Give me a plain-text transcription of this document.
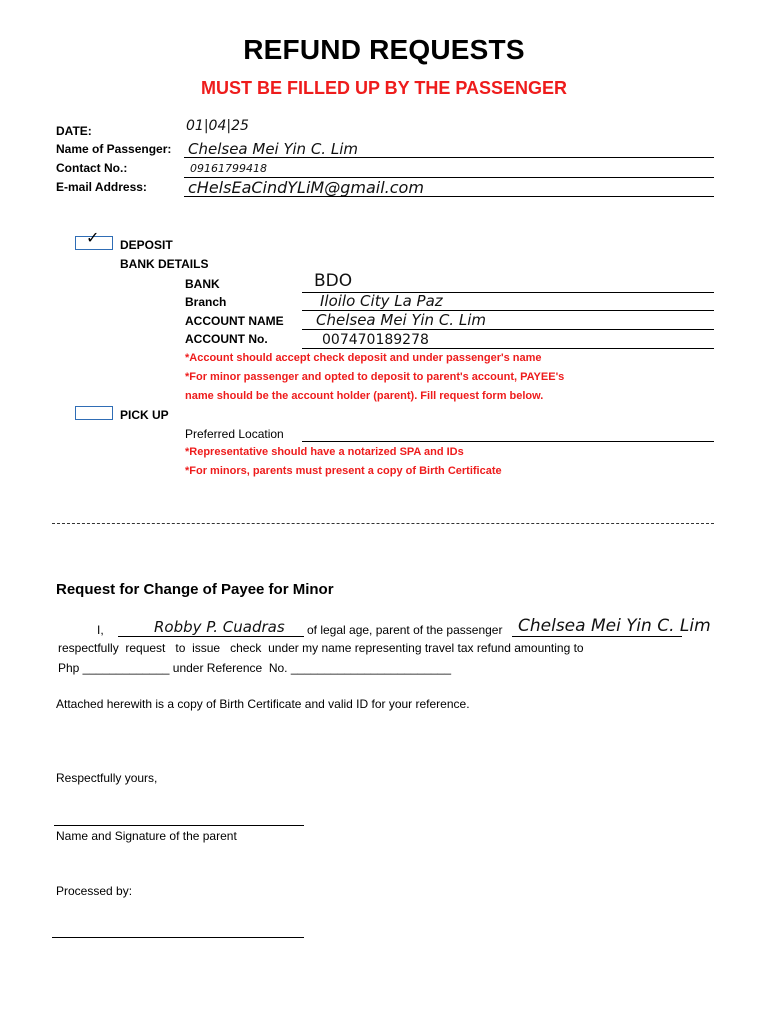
REFUND REQUESTS
MUST BE FILLED UP BY THE PASSENGER
DATE:	01|04|25
Name of Passenger: Chelsea Mei Yin C. Lim
Contact No.:	09161799418
E-mail Address:	cHelsEaCindYLiM@gmail.com
✓ DEPOSIT
BANK DETAILS
BANK	BDO
Branch	Iloilo City La Paz
ACCOUNT NAME Chelsea Mei Yin C. Lim
ACCOUNT No.	007470189278
*Account should accept check deposit and under passenger's name
*For minor passenger and opted to deposit to parent's account, PAYEE's
name should be the account holder (parent). Fill request form below.
PICK UP
Preferred Location
*Representative should have a notarized SPA and IDs
*For minors, parents must present a copy of Birth Certificate
Request for Change of Payee for Minor
I,	Robby P. Cuadras of legal age, parent of the passenger Chelsea Mei Yin C. Lim
respectfully  request   to  issue   check  under my name representing travel tax refund amounting to
Php _____________ under Reference  No. ________________________
Attached herewith is a copy of Birth Certificate and valid ID for your reference.
Respectfully yours,
Name and Signature of the parent
Processed by:
